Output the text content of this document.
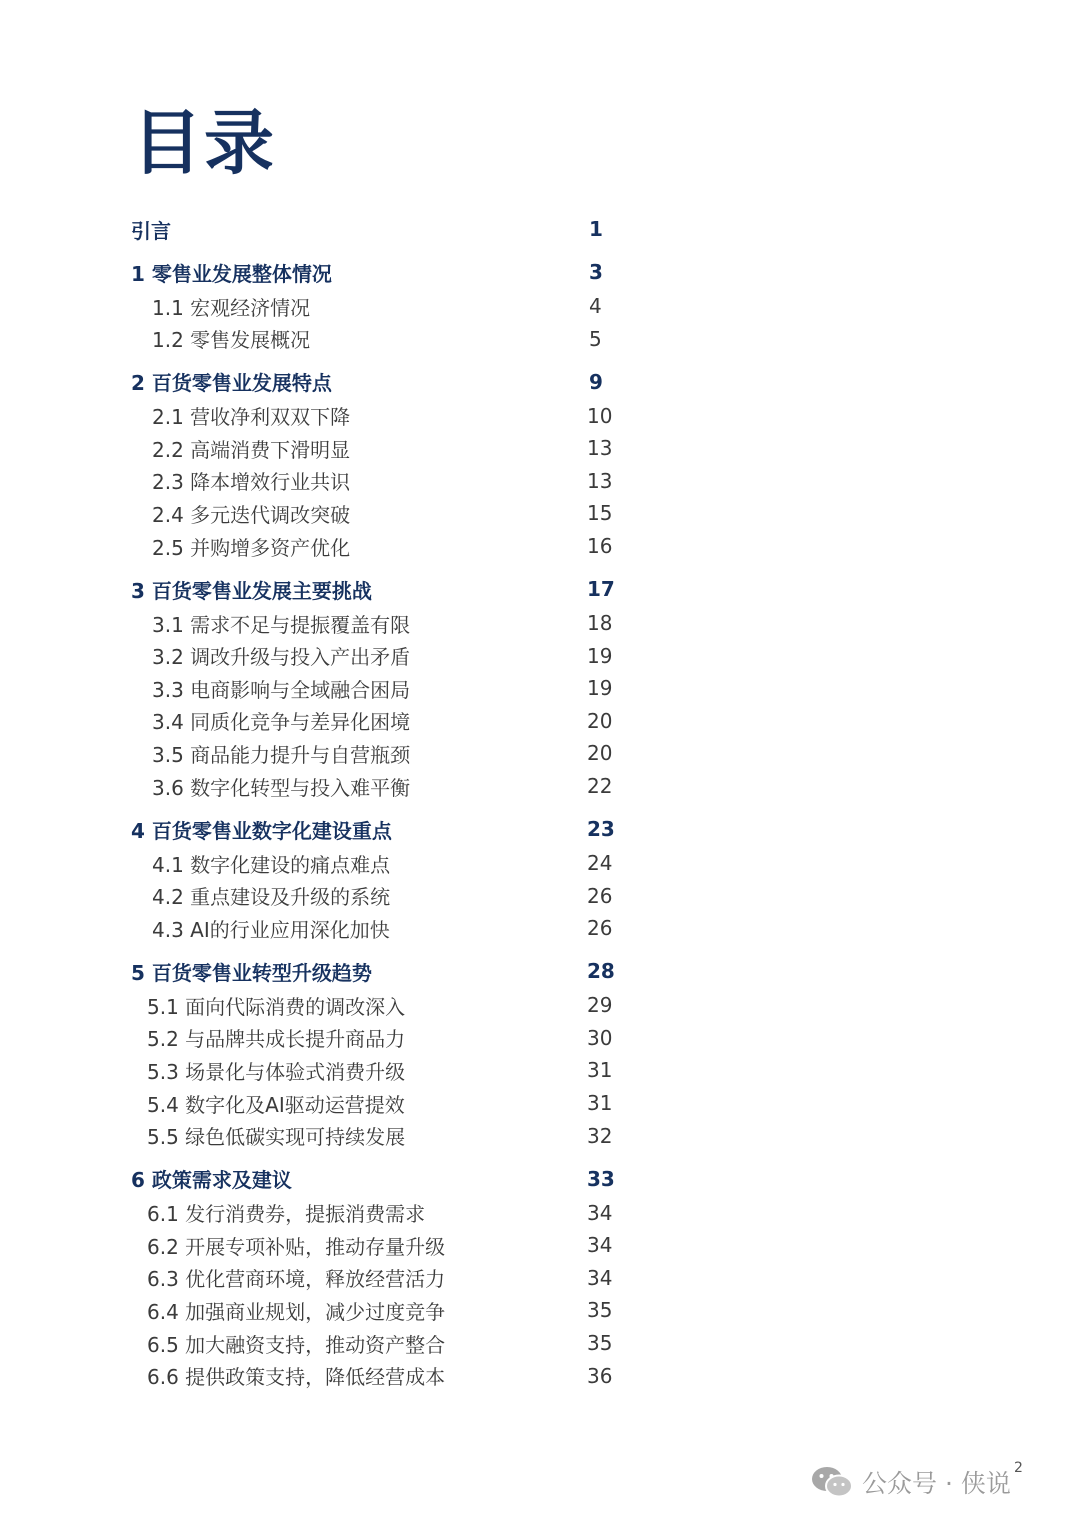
目录
引言	1
1 零售业发展整体情况	3
1.1 宏观经济情况	4
1.2 零售发展概况	5
2 百货零售业发展特点	9
2.1 营收净利双双下降	10
2.2 高端消费下滑明显	13
2.3 降本增效行业共识	13
2.4 多元迭代调改突破	15
2.5 并购增多资产优化	16
3 百货零售业发展主要挑战	17
3.1 需求不足与提振覆盖有限	18
3.2 调改升级与投入产出矛盾	19
3.3 电商影响与全域融合困局	19
3.4 同质化竞争与差异化困境	20
3.5 商品能力提升与自营瓶颈	20
3.6 数字化转型与投入难平衡	22
4 百货零售业数字化建设重点	23
4.1 数字化建设的痛点难点	24
4.2 重点建设及升级的系统	26
4.3 AI的行业应用深化加快	26
5 百货零售业转型升级趋势	28
5.1 面向代际消费的调改深入	29
5.2 与品牌共成长提升商品力	30
5.3 场景化与体验式消费升级	31
5.4 数字化及AI驱动运营提效	31
5.5 绿色低碳实现可持续发展	32
6 政策需求及建议	33
6.1 发行消费券，提振消费需求	34
6.2 开展专项补贴，推动存量升级	34
6.3 优化营商环境，释放经营活力	34
6.4 加强商业规划，减少过度竞争	35
6.5 加大融资支持，推动资产整合	35
6.6 提供政策支持，降低经营成本	36
公众号 · 侠说
2
